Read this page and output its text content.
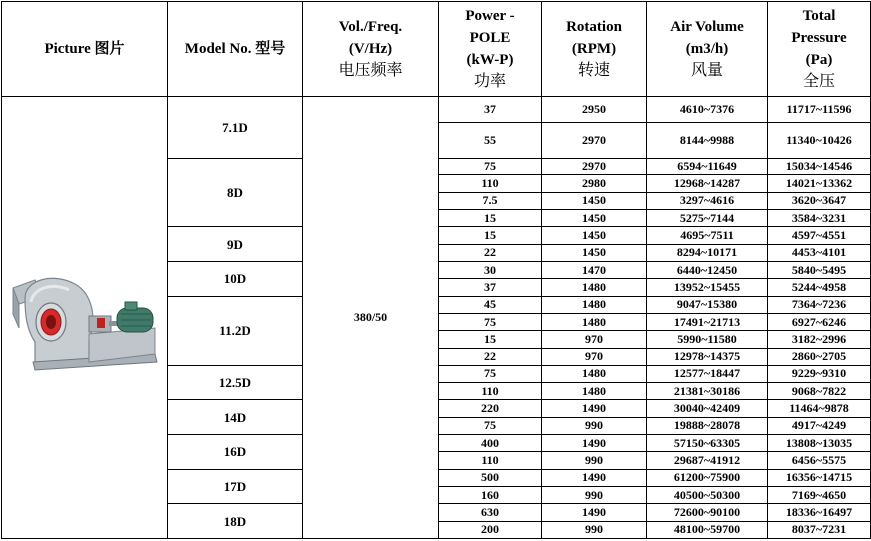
Picture 图片	Model No. 型号	Vol./Freq.
(V/Hz)
电压频率	Power -
POLE
(kW-P)
功率	Rotation
(RPM)
转速	Air Volume
(m3/h)
风量	Total
Pressure
(Pa)
全压

	7.1D	380/50	37	2950	4610~7376	11717~11596
			55	2970	8144~9988	11340~10426
	8D		75	2970	6594~11649	15034~14546
			110	2980	12968~14287	14021~13362
			7.5	1450	3297~4616	3620~3647
			15	1450	5275~7144	3584~3231
	9D		15	1450	4695~7511	4597~4551
			22	1450	8294~10171	4453~4101
	10D		30	1470	6440~12450	5840~5495
			37	1480	13952~15455	5244~4958
	11.2D		45	1480	9047~15380	7364~7236
			75	1480	17491~21713	6927~6246
			15	970	5990~11580	3182~2996
			22	970	12978~14375	2860~2705
	12.5D		75	1480	12577~18447	9229~9310
			110	1480	21381~30186	9068~7822
	14D		220	1490	30040~42409	11464~9878
			75	990	19888~28078	4917~4249
	16D		400	1490	57150~63305	13808~13035
			110	990	29687~41912	6456~5575
	17D		500	1490	61200~75900	16356~14715
			160	990	40500~50300	7169~4650
	18D		630	1490	72600~90100	18336~16497
			200	990	48100~59700	8037~7231
